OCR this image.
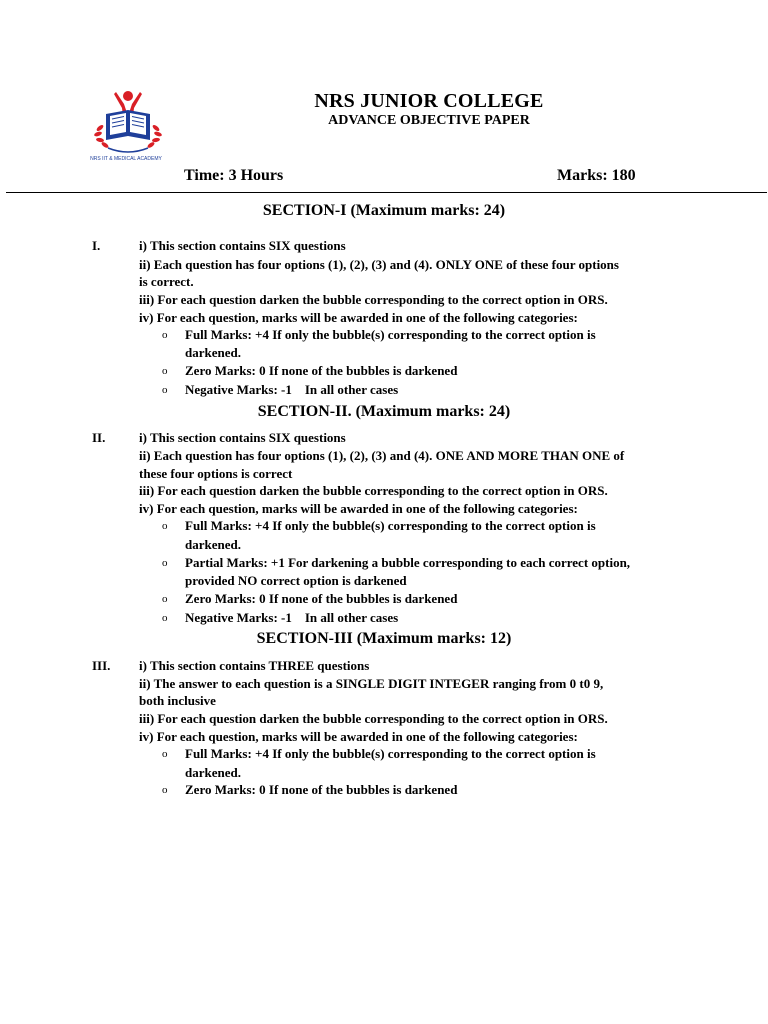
NRS IIT & MEDICAL ACADEMY
NRS JUNIOR COLLEGE
ADVANCE OBJECTIVE PAPER
Time: 3 Hours	Marks: 180
SECTION-I (Maximum marks: 24)
I.	i) This section contains SIX questions
ii) Each question has four options (1), (2), (3) and (4). ONLY ONE of these four options
is correct.
iii) For each question darken the bubble corresponding to the correct option in ORS.
iv) For each question, marks will be awarded in one of the following categories:
o Full Marks: +4 If only the bubble(s) corresponding to the correct option is
darkened.
o Zero Marks: 0 If none of the bubbles is darkened
o Negative Marks: -1    In all other cases
SECTION-II. (Maximum marks: 24)
II.	i) This section contains SIX questions
ii) Each question has four options (1), (2), (3) and (4). ONE AND MORE THAN ONE of
these four options is correct
iii) For each question darken the bubble corresponding to the correct option in ORS.
iv) For each question, marks will be awarded in one of the following categories:
o Full Marks: +4 If only the bubble(s) corresponding to the correct option is
darkened.
o Partial Marks: +1 For darkening a bubble corresponding to each correct option,
provided NO correct option is darkened
o Zero Marks: 0 If none of the bubbles is darkened
o Negative Marks: -1    In all other cases
SECTION-III (Maximum marks: 12)
III. i) This section contains THREE questions
ii) The answer to each question is a SINGLE DIGIT INTEGER ranging from 0 t0 9,
both inclusive
iii) For each question darken the bubble corresponding to the correct option in ORS.
iv) For each question, marks will be awarded in one of the following categories:
o Full Marks: +4 If only the bubble(s) corresponding to the correct option is
darkened.
o Zero Marks: 0 If none of the bubbles is darkened
